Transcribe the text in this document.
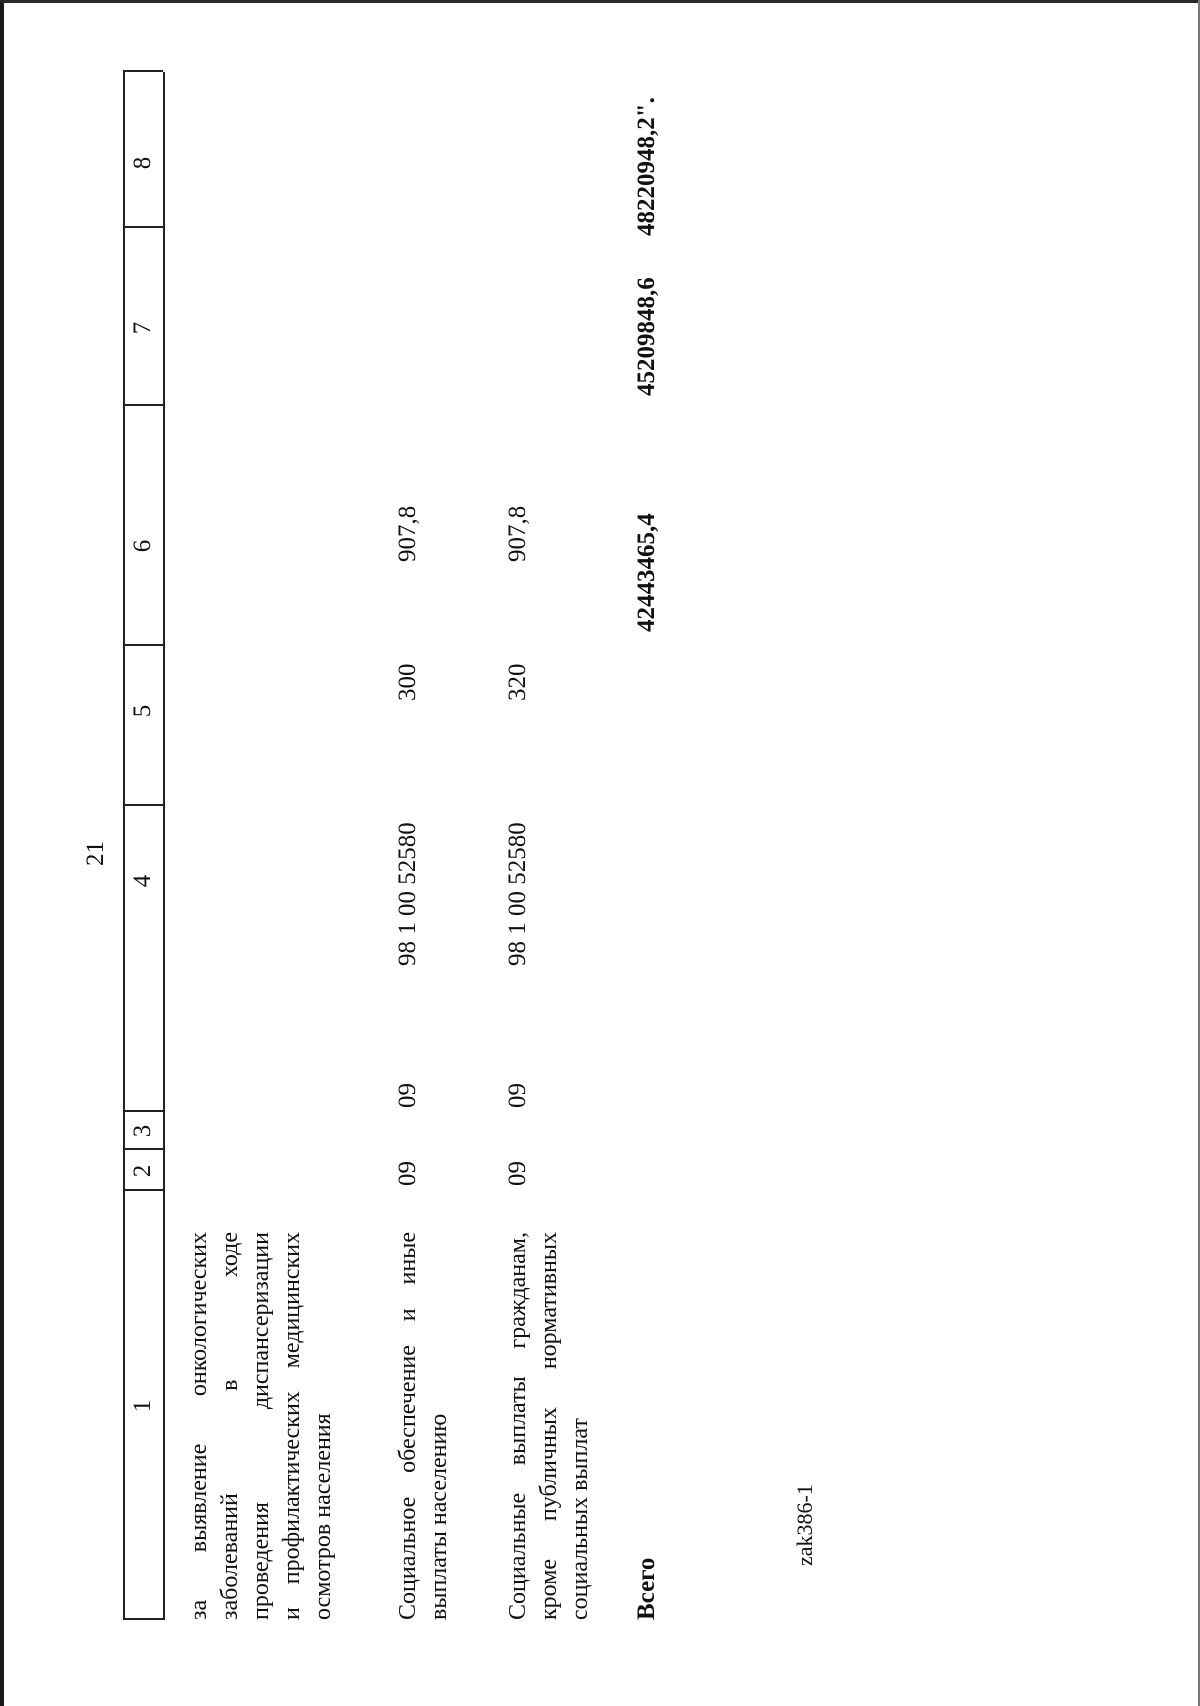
21
1
2
3
4
5
6
7
8
за выявление онкологических заболеваний в ходе проведения диспансеризации и профилактических медицинских осмотров населения Социальное обеспечение и иные выплаты населению
09
09
98 1 00 52580
300
907,8
Социальные выплаты гражданам, кроме публичных нормативных социальных выплат
09
09
98 1 00 52580
320
907,8
Всего
42443465,4
45209848,6
48220948,2".
zak386-1
